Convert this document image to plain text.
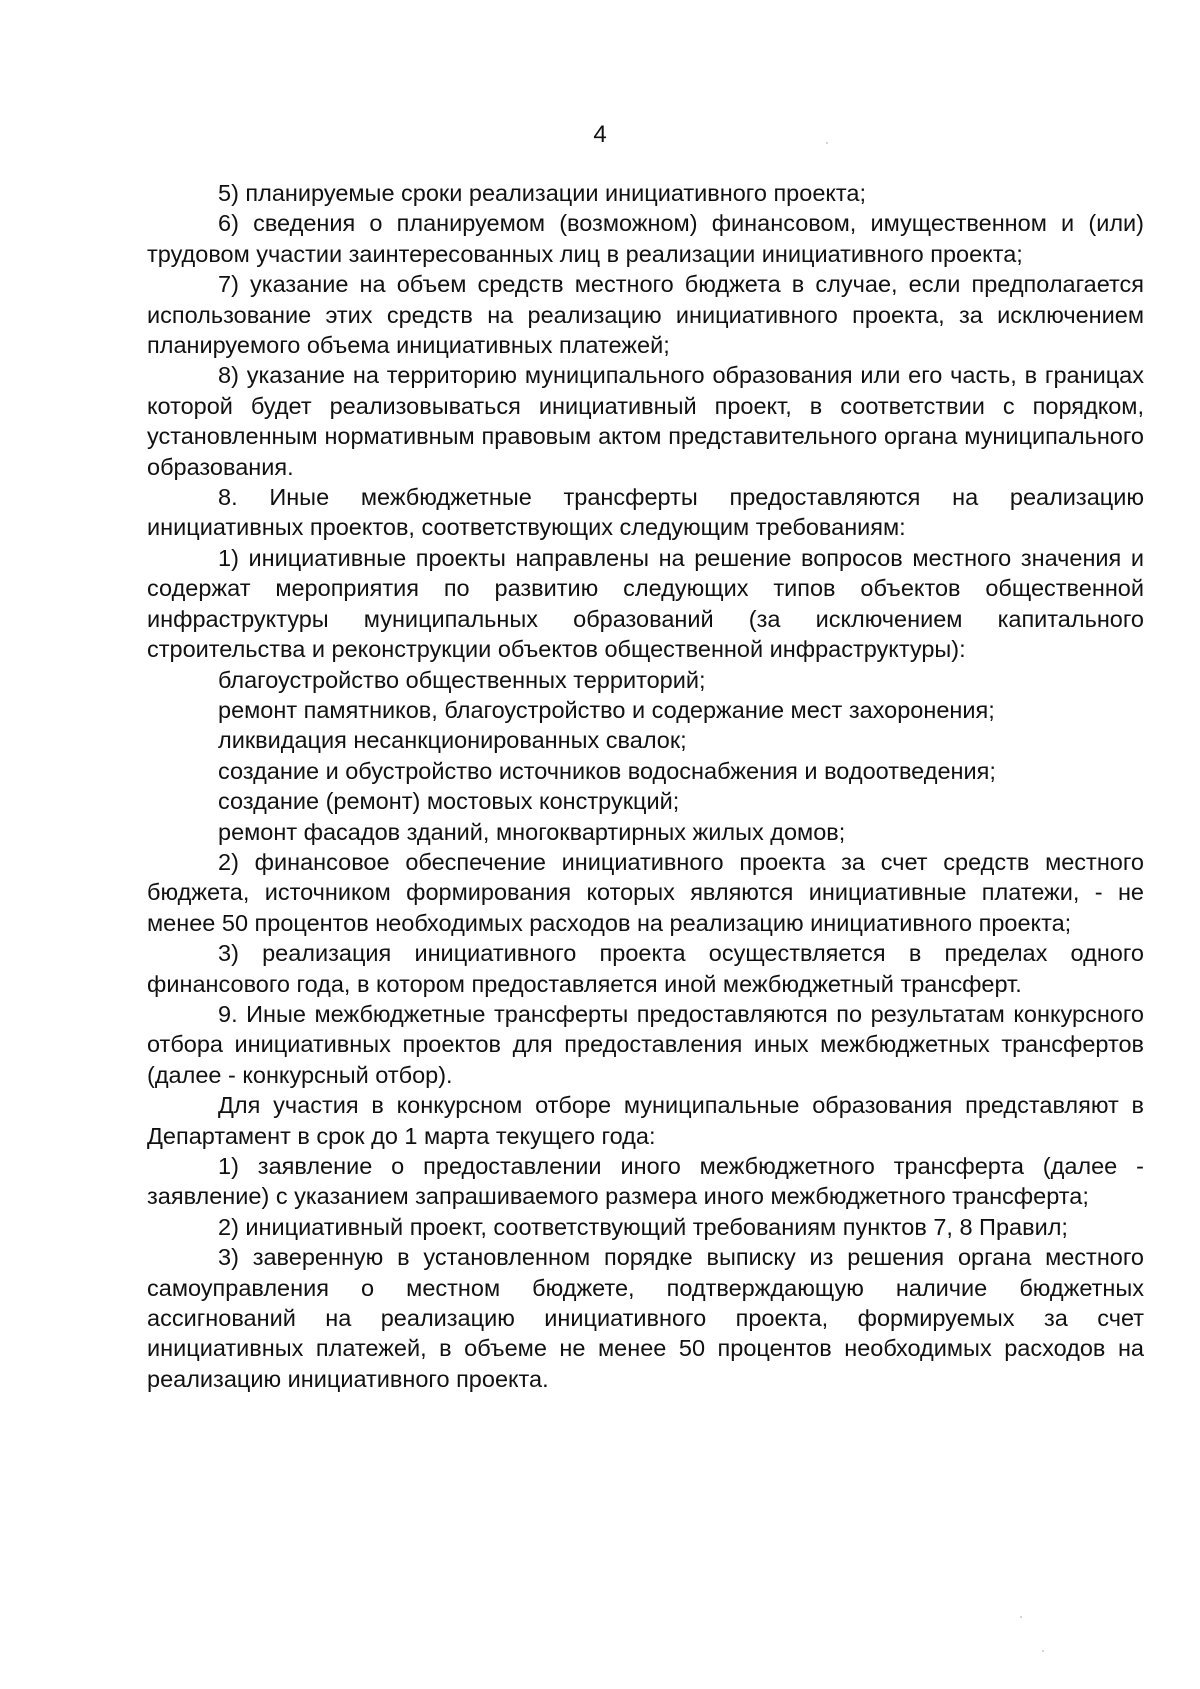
4

5) планируемые сроки реализации инициативного проекта;

6) сведения о планируемом (возможном) финансовом, имущественном и (или) трудовом участии заинтересованных лиц в реализации инициативного проекта;

7) указание на объем средств местного бюджета в случае, если предполагается использование этих средств на реализацию инициативного проекта, за исключением планируемого объема инициативных платежей;

8) указание на территорию муниципального образования или его часть, в границах которой будет реализовываться инициативный проект, в соответствии с порядком, установленным нормативным правовым актом представительного органа муниципального образования.

8. Иные межбюджетные трансферты предоставляются на реализацию инициативных проектов, соответствующих следующим требованиям:

1) инициативные проекты направлены на решение вопросов местного значения и содержат мероприятия по развитию следующих типов объектов общественной инфраструктуры муниципальных образований (за исключением капитального строительства и реконструкции объектов общественной инфраструктуры):

благоустройство общественных территорий;

ремонт памятников, благоустройство и содержание мест захоронения;

ликвидация несанкционированных свалок;

создание и обустройство источников водоснабжения и водоотведения;

создание (ремонт) мостовых конструкций;

ремонт фасадов зданий, многоквартирных жилых домов;

2) финансовое обеспечение инициативного проекта за счет средств местного бюджета, источником формирования которых являются инициативные платежи, - не менее 50 процентов необходимых расходов на реализацию инициативного проекта;

3) реализация инициативного проекта осуществляется в пределах одного финансового года, в котором предоставляется иной межбюджетный трансферт.

9. Иные межбюджетные трансферты предоставляются по результатам конкурсного отбора инициативных проектов для предоставления иных межбюджетных трансфертов (далее - конкурсный отбор).

Для участия в конкурсном отборе муниципальные образования представляют в Департамент в срок до 1 марта текущего года:

1) заявление о предоставлении иного межбюджетного трансферта (далее - заявление) с указанием запрашиваемого размера иного межбюджетного трансферта;

2) инициативный проект, соответствующий требованиям пунктов 7, 8 Правил;

3) заверенную в установленном порядке выписку из решения органа местного самоуправления о местном бюджете, подтверждающую наличие бюджетных ассигнований на реализацию инициативного проекта, формируемых за счет инициативных платежей, в объеме не менее 50 процентов необходимых расходов на реализацию инициативного проекта.
